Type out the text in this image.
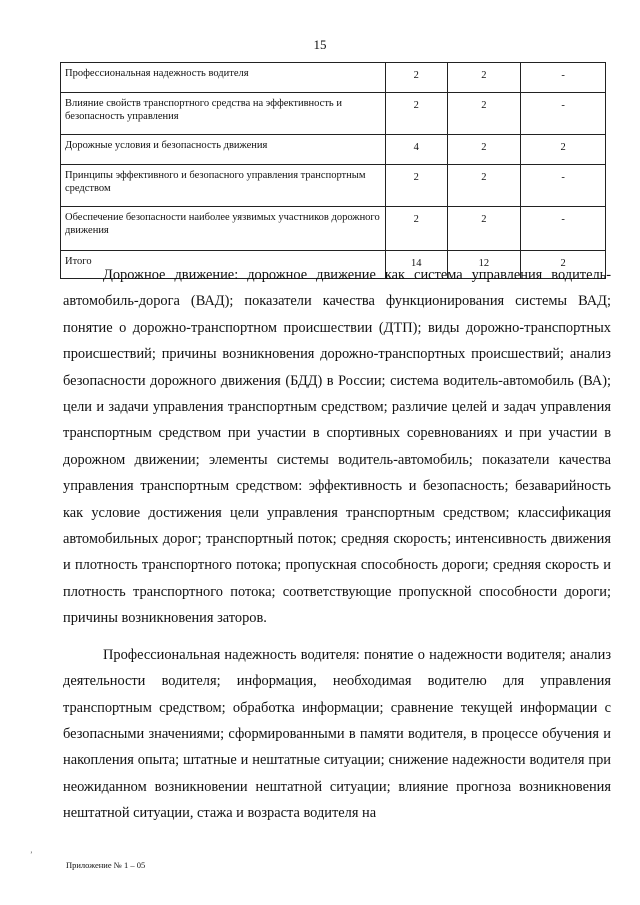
15
Профессиональная надежность водителя	2	2	-
Влияние свойств транспортного средства на эффективность и безопасность управления	2	2	-
Дорожные условия и безопасность движения	4	2	2
Принципы эффективного и безопасного управления транспортным средством	2	2	-
Обеспечение безопасности наиболее уязвимых участников дорожного движения	2	2	-
Итого	14	12	2

Дорожное движение: дорожное движение как система управления водитель-автомобиль-дорога (ВАД); показатели качества функционирования системы ВАД; понятие о дорожно-транспортном происшествии (ДТП); виды дорожно-транспортных происшествий; причины возникновения дорожно-транспортных происшествий; анализ безопасности дорожного движения (БДД) в России; система водитель-автомобиль (ВА); цели и задачи управления транспортным средством; различие целей и задач управления транспортным средством при участии в спортивных соревнованиях и при участии в дорожном движении; элементы системы водитель-автомобиль; показатели качества управления транспортным средством: эффективность и безопасность; безаварийность как условие достижения цели управления транспортным средством; классификация автомобильных дорог; транспортный поток; средняя скорость; интенсивность движения и плотность транспортного потока; пропускная способность дороги; средняя скорость и плотность транспортного потока; соответствующие пропускной способности дороги; причины возникновения заторов.

Профессиональная надежность водителя: понятие о надежности водителя; анализ деятельности водителя; информация, необходимая водителю для управления транспортным средством; обработка информации; сравнение текущей информации с безопасными значениями; сформированными в памяти водителя, в процессе обучения и накопления опыта; штатные и нештатные ситуации; снижение надежности водителя при неожиданном возникновении нештатной ситуации; влияние прогноза возникновения нештатной ситуации, стажа и возраста водителя на

’
Приложение № 1 – 05
